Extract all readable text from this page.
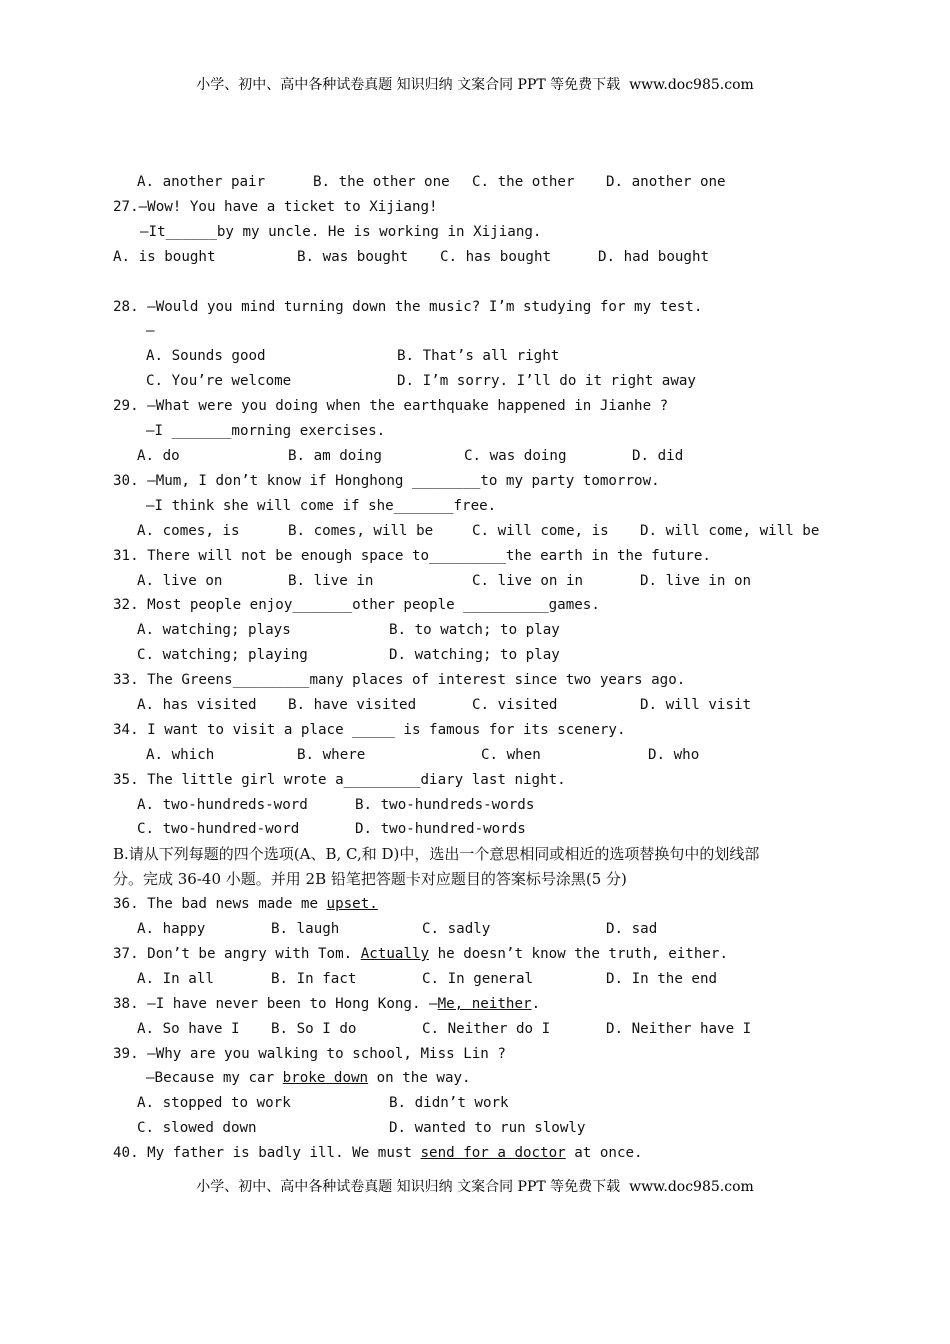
小学、初中、高中各种试卷真题 知识归纳 文案合同 PPT 等免费下载  www.doc985.com
A. another pair	B. the other one C. the other D. another one
27.—Wow! You have a ticket to Xijiang!
—It______by my uncle. He is working in Xijiang.
A. is bought	B. was bought C. has bought	D. had bought
28. —Would you mind turning down the music? I’m studying for my test.
—
A. Sounds good	B. That’s all right
C. You’re welcome	D. I’m sorry. I’ll do it right away
29. —What were you doing when the earthquake happened in Jianhe ?
—I _______morning exercises.
A. do	B. am doing	C. was doing	D. did
30. —Mum, I don’t know if Honghong ________to my party tomorrow.
—I think she will come if she_______free.
A. comes, is	B. comes, will be	C. will come, is D. will come, will be
31. There will not be enough space to_________the earth in the future.
A. live on	B. live in	C. live on in	D. live in on
32. Most people enjoy_______other people __________games.
A. watching; plays	B. to watch; to play
C. watching; playing	D. watching; to play
33. The Greens_________many places of interest since two years ago.
A. has visited B. have visited	C. visited	D. will visit
34. I want to visit a place _____ is famous for its scenery.
A. which	B. where	C. when	D. who
35. The little girl wrote a_________diary last night.
A. two-hundreds-word	B. two-hundreds-words
C. two-hundred-word	D. two-hundred-words
B.请从下列每题的四个选项(A、B, C,和 D)中，选出一个意思相同或相近的选项替换句中的划线部
分。完成 36-40 小题。并用 2B 铅笔把答题卡对应题目的答案标号涂黑(5 分)
36. The bad news made me upset.
A. happy	B. laugh	C. sadly	D. sad
37. Don’t be angry with Tom. Actually he doesn’t know the truth, either.
A. In all	B. In fact	C. In general	D. In the end
38. —I have never been to Hong Kong. —Me, neither.
A. So have I B. So I do	C. Neither do I	D. Neither have I
39. —Why are you walking to school, Miss Lin ?
—Because my car broke down on the way.
A. stopped to work	B. didn’t work
C. slowed down	D. wanted to run slowly
40. My father is badly ill. We must send for a doctor at once.
小学、初中、高中各种试卷真题 知识归纳 文案合同 PPT 等免费下载  www.doc985.com
